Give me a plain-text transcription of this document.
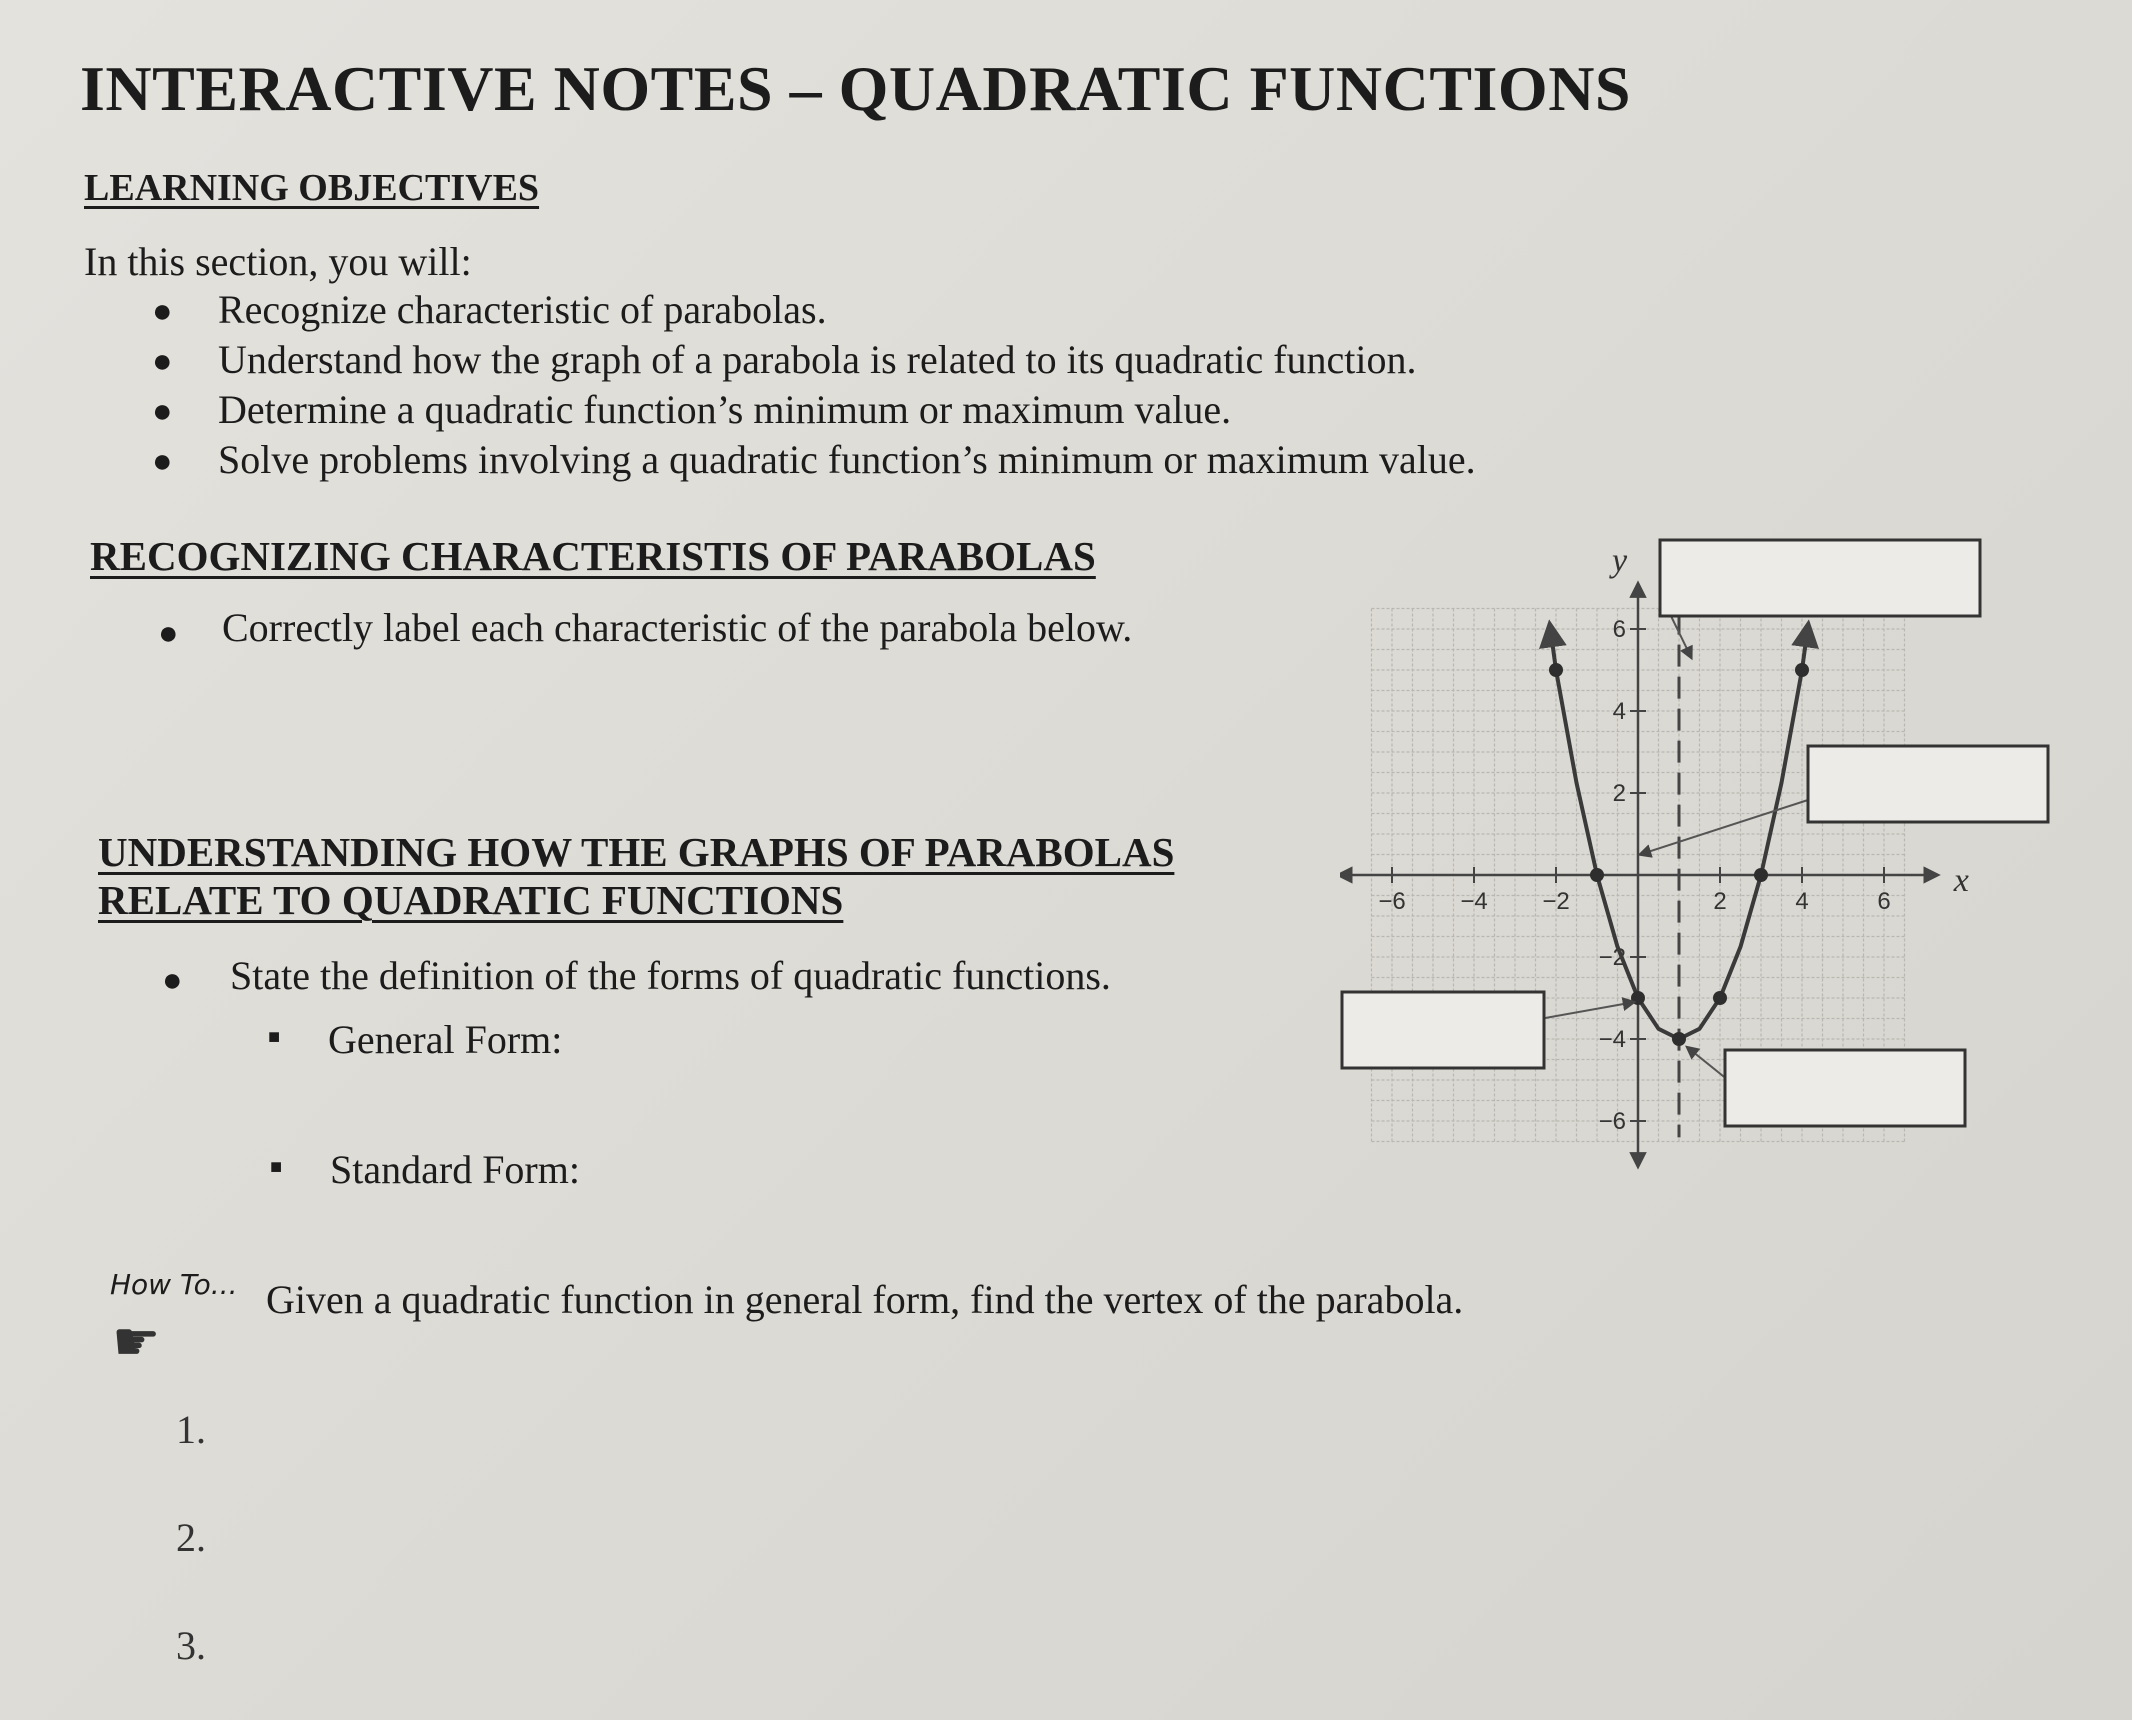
INTERACTIVE NOTES – QUADRATIC FUNCTIONS
LEARNING OBJECTIVES
In this section, you will:
● Recognize characteristic of parabolas.
● Understand how the graph of a parabola is related to its quadratic function.
● Determine a quadratic function’s minimum or maximum value.
● Solve problems involving a quadratic function’s minimum or maximum value.
RECOGNIZING CHARACTERISTIS OF PARABOLAS
● Correctly label each characteristic of the parabola below.
UNDERSTANDING HOW THE GRAPHS OF PARABOLAS
RELATE TO QUADRATIC FUNCTIONS
● State the definition of the forms of quadratic functions.
■ General Form:
■ Standard Form:
How To...
☛
Given a quadratic function in general form, find the vertex of the parabola.
1.
2.
3.
x
y
−6 −4 −2	2	4	6
6
4
2
−2
−4
−6
